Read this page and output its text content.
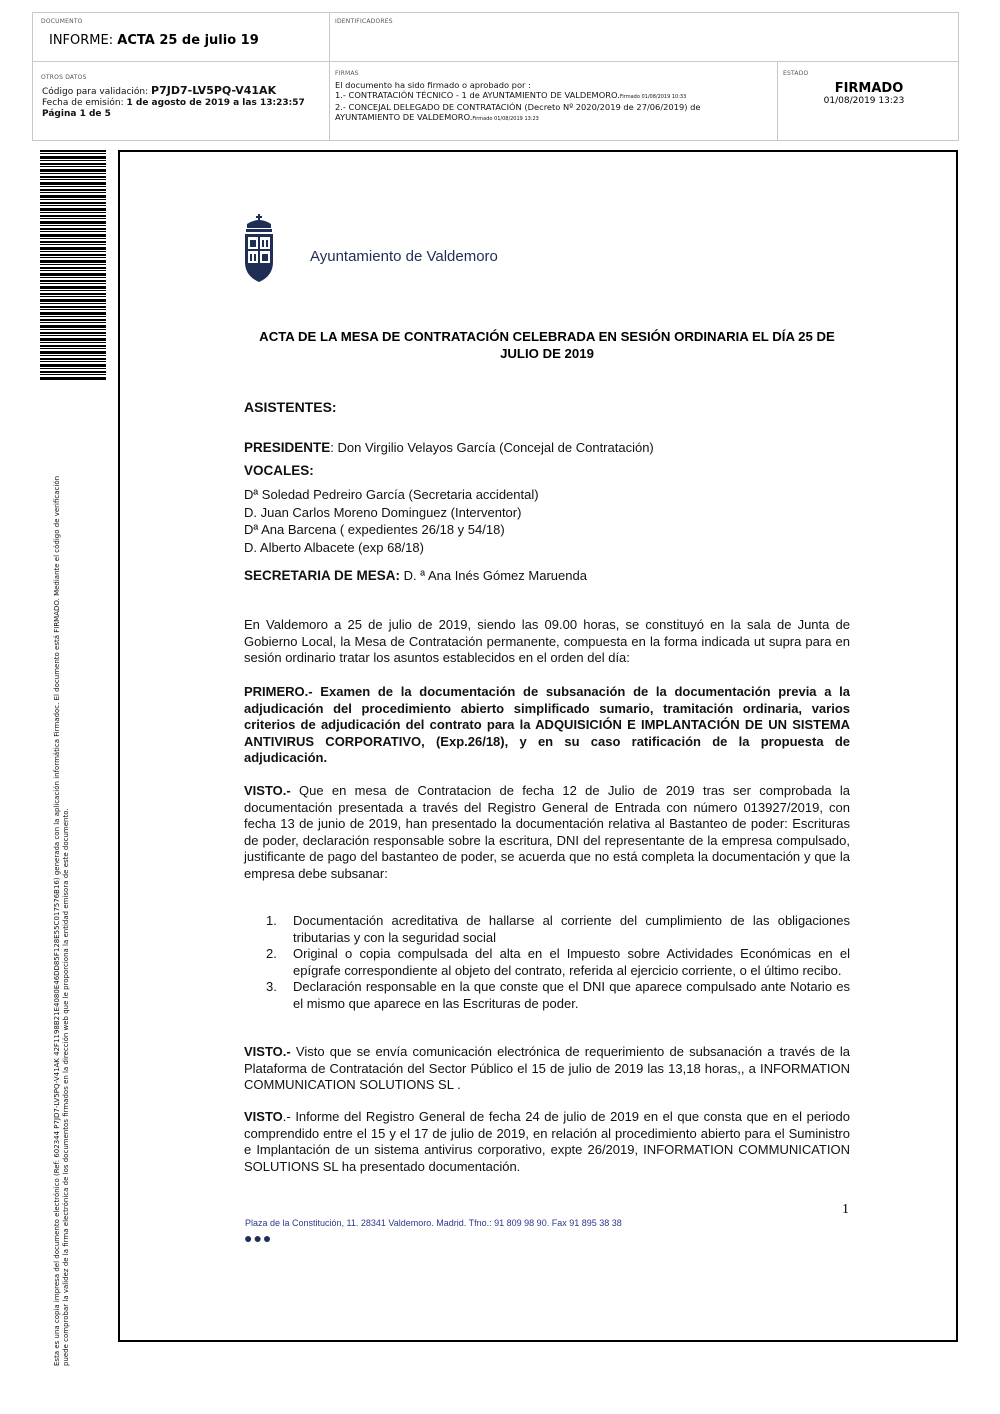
DOCUMENTO
INFORME: ACTA 25 de julio 19
IDENTIFICADORES
OTROS DATOS
Código para validación: P7JD7-LV5PQ-V41AK
Fecha de emisión: 1 de agosto de 2019 a las 13:23:57
Página 1 de 5
FIRMAS
El documento ha sido firmado o aprobado por :
1.- CONTRATACIÓN TÉCNICO - 1 de AYUNTAMIENTO DE VALDEMORO.Firmado 01/08/2019 10:33
2.- CONCEJAL DELEGADO DE CONTRATACIÓN (Decreto Nº 2020/2019 de 27/06/2019) de
AYUNTAMIENTO DE VALDEMORO.Firmado 01/08/2019 13:23
ESTADO
FIRMADO
01/08/2019 13:23
Esta es una copia impresa del documento electrónico (Ref: 602344 P7JD7-LV5PQ-V41AK 42F1198B21E4080E46DD85F128E55C017576B16) generada con la aplicación informática Firmadoc. El documento está FIRMADO. Mediante el código de verificación puede comprobar la validez de la firma electrónica de los documentos firmados en la dirección web que le proporciona la entidad emisora de este documento.
Ayuntamiento de Valdemoro
ACTA DE LA MESA DE CONTRATACIÓN CELEBRADA EN SESIÓN ORDINARIA EL DÍA 25 DE JULIO DE 2019
ASISTENTES:
PRESIDENTE: Don Virgilio Velayos García (Concejal de Contratación)
VOCALES:
Dª Soledad Pedreiro García (Secretaria accidental)
D. Juan Carlos Moreno Dominguez (Interventor)
Dª Ana Barcena ( expedientes 26/18 y 54/18)
D. Alberto Albacete (exp 68/18)
SECRETARIA DE MESA: D. ª Ana Inés Gómez Maruenda
En Valdemoro a 25 de julio de 2019, siendo las 09.00 horas, se constituyó en la sala de Junta de Gobierno Local, la Mesa de Contratación permanente, compuesta en la forma indicada ut supra para en sesión ordinario tratar los asuntos establecidos en el orden del día:
PRIMERO.- Examen de la documentación de subsanación de la documentación previa a la adjudicación del procedimiento abierto simplificado sumario, tramitación ordinaria, varios criterios de adjudicación del contrato para la ADQUISICIÓN E IMPLANTACIÓN DE UN SISTEMA ANTIVIRUS CORPORATIVO, (Exp.26/18), y en su caso ratificación de la propuesta de adjudicación.
VISTO.- Que en mesa de Contratacion de fecha 12 de Julio de 2019 tras ser comprobada la documentación presentada a través del Registro General de Entrada con número 013927/2019, con fecha 13 de junio de 2019, han presentado la documentación relativa al Bastanteo de poder: Escrituras de poder, declaración responsable sobre la escritura, DNI del representante de la empresa compulsado, justificante de pago del bastanteo de poder, se acuerda que no está completa la documentación y que la empresa debe subsanar:
1.	Documentación acreditativa de hallarse al corriente del cumplimiento de las obligaciones tributarias y con la seguridad social
2.	Original o copia compulsada del alta en el Impuesto sobre Actividades Económicas en el epígrafe correspondiente al objeto del contrato, referida al ejercicio corriente, o el último recibo.
3.	Declaración responsable en la que conste que el DNI que aparece compulsado ante Notario es el mismo que aparece en las Escrituras de poder.
VISTO.- Visto que se envía comunicación electrónica de requerimiento de subsanación a través de la Plataforma de Contratación del Sector Público el 15 de julio de 2019 las 13,18 horas,, a INFORMATION COMMUNICATION SOLUTIONS SL .
VISTO.- Informe del Registro General de fecha 24 de julio de 2019 en el que consta que en el periodo comprendido entre el 15 y el 17 de julio de 2019, en relación al procedimiento abierto para el Suministro e Implantación de un sistema antivirus corporativo, expte 26/2019, INFORMATION COMMUNICATION SOLUTIONS SL ha presentado documentación.
1
Plaza de la Constitución, 11. 28341 Valdemoro. Madrid. Tfno.: 91 809 98 90. Fax 91 895 38 38
●●●
